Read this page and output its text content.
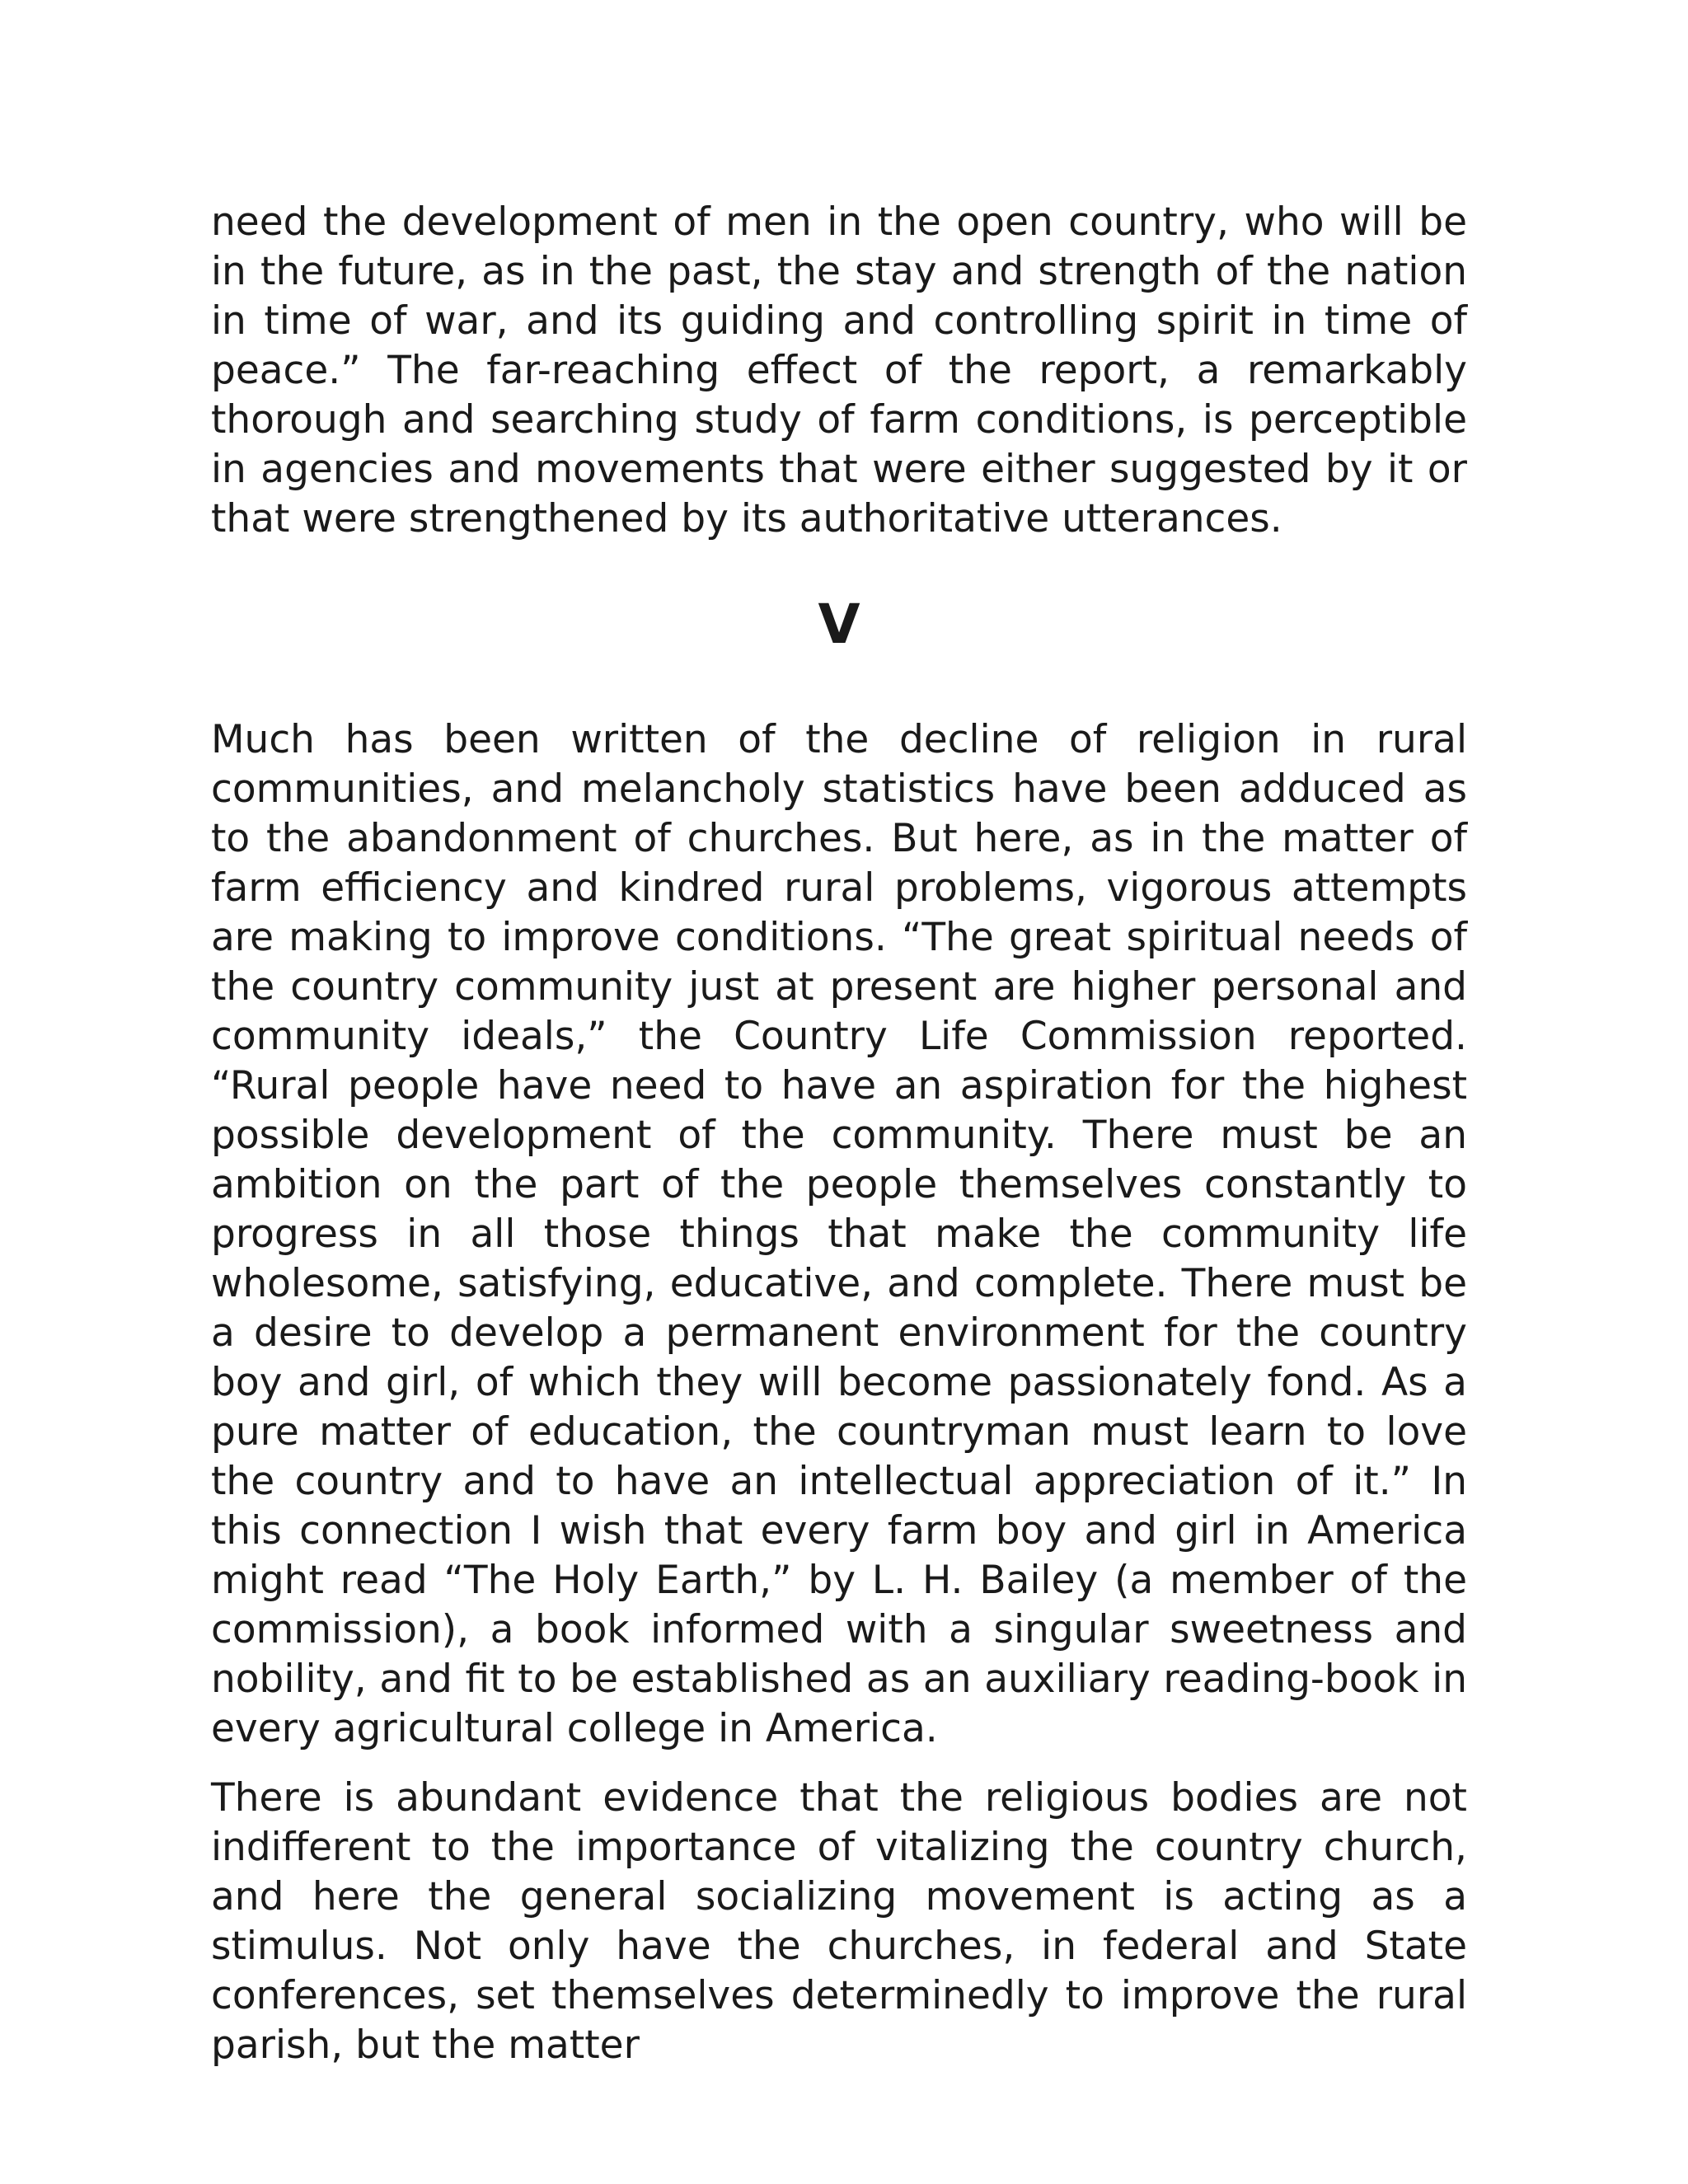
need the development of men in the open country, who will be in the future, as in the past, the stay and strength of the nation in time of war, and its guiding and controlling spirit in time of peace.” The far-reaching effect of the report, a remarkably thorough and searching study of farm conditions, is perceptible in agencies and movements that were either suggested by it or that were strengthened by its authoritative utterances.

V

Much has been written of the decline of religion in rural communities, and melancholy statistics have been adduced as to the abandonment of churches. But here, as in the matter of farm efficiency and kindred rural problems, vigorous attempts are making to improve conditions. “The great spiritual needs of the country community just at present are higher personal and community ideals,” the Country Life Commission reported. “Rural people have need to have an aspiration for the highest possible development of the community. There must be an ambition on the part of the people themselves constantly to progress in all those things that make the community life wholesome, satisfying, educative, and complete. There must be a desire to develop a permanent environment for the country boy and girl, of which they will become passionately fond. As a pure matter of education, the countryman must learn to love the country and to have an intellectual appreciation of it.” In this connection I wish that every farm boy and girl in America might read “The Holy Earth,” by L. H. Bailey (a member of the commission), a book informed with a singular sweetness and nobility, and fit to be established as an auxiliary reading-book in every agricultural college in America.

There is abundant evidence that the religious bodies are not indifferent to the importance of vitalizing the country church, and here the general socializing movement is acting as a stimulus. Not only have the churches, in federal and State conferences, set themselves determinedly to improve the rural parish, but the matter
